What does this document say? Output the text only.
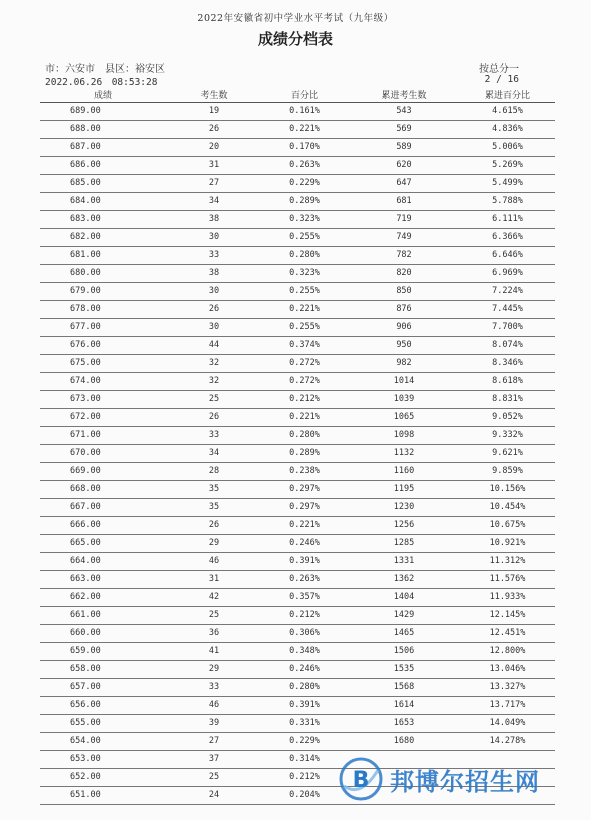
2022年安徽省初中学业水平考试（九年级）
成绩分档表
市：六安市　县区：裕安区
2022.06.26　08:53:28
按总分一
2 / 16
成绩	考生数	百分比	累进考生数	累进百分比
689.00	19	0.161%	543	4.615%
688.00	26	0.221%	569	4.836%
687.00	20	0.170%	589	5.006%
686.00	31	0.263%	620	5.269%
685.00	27	0.229%	647	5.499%
684.00	34	0.289%	681	5.788%
683.00	38	0.323%	719	6.111%
682.00	30	0.255%	749	6.366%
681.00	33	0.280%	782	6.646%
680.00	38	0.323%	820	6.969%
679.00	30	0.255%	850	7.224%
678.00	26	0.221%	876	7.445%
677.00	30	0.255%	906	7.700%
676.00	44	0.374%	950	8.074%
675.00	32	0.272%	982	8.346%
674.00	32	0.272%	1014	8.618%
673.00	25	0.212%	1039	8.831%
672.00	26	0.221%	1065	9.052%
671.00	33	0.280%	1098	9.332%
670.00	34	0.289%	1132	9.621%
669.00	28	0.238%	1160	9.859%
668.00	35	0.297%	1195	10.156%
667.00	35	0.297%	1230	10.454%
666.00	26	0.221%	1256	10.675%
665.00	29	0.246%	1285	10.921%
664.00	46	0.391%	1331	11.312%
663.00	31	0.263%	1362	11.576%
662.00	42	0.357%	1404	11.933%
661.00	25	0.212%	1429	12.145%
660.00	36	0.306%	1465	12.451%
659.00	41	0.348%	1506	12.800%
658.00	29	0.246%	1535	13.046%
657.00	33	0.280%	1568	13.327%
656.00	46	0.391%	1614	13.717%
655.00	39	0.331%	1653	14.049%
654.00	27	0.229%	1680	14.278%
653.00	37	0.314%		
652.00	25	0.212%		
651.00	24	0.204%		
B 邦博尔招生网
